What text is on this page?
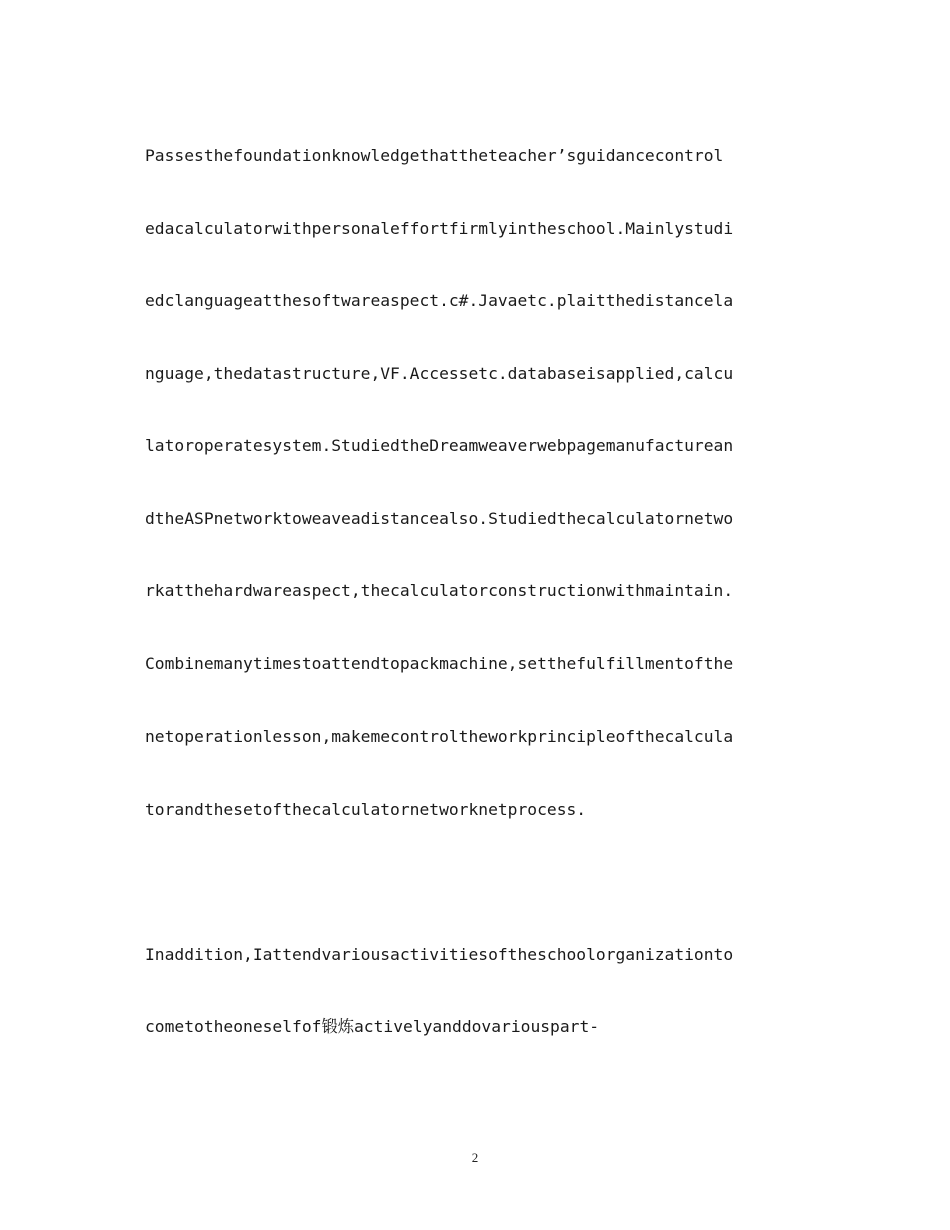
Passesthefoundationknowledgethattheteacher’sguidancecontrol
edacalculatorwithpersonaleffortfirmlyintheschool.Mainlystudi
edclanguageatthesoftwareaspect.c#.Javaetc.plaitthedistancela
nguage,thedatastructure,VF.Accessetc.databaseisapplied,calcu
latoroperatesystem.StudiedtheDreamweaverwebpagemanufacturean
dtheASPnetworktoweaveadistancealso.Studiedthecalculatornetwo
rkatthehardwareaspect,thecalculatorconstructionwithmaintain.
Combinemanytimestoattendtopackmachine,setthefulfillmentofthe
netoperationlesson,makemecontroltheworkprincipleofthecalcula
torandthesetofthecalculatornetworknetprocess.
Inaddition,Iattendvariousactivitiesoftheschoolorganizationto
cometotheoneselfof锻炼activelyanddovariouspart-
2
